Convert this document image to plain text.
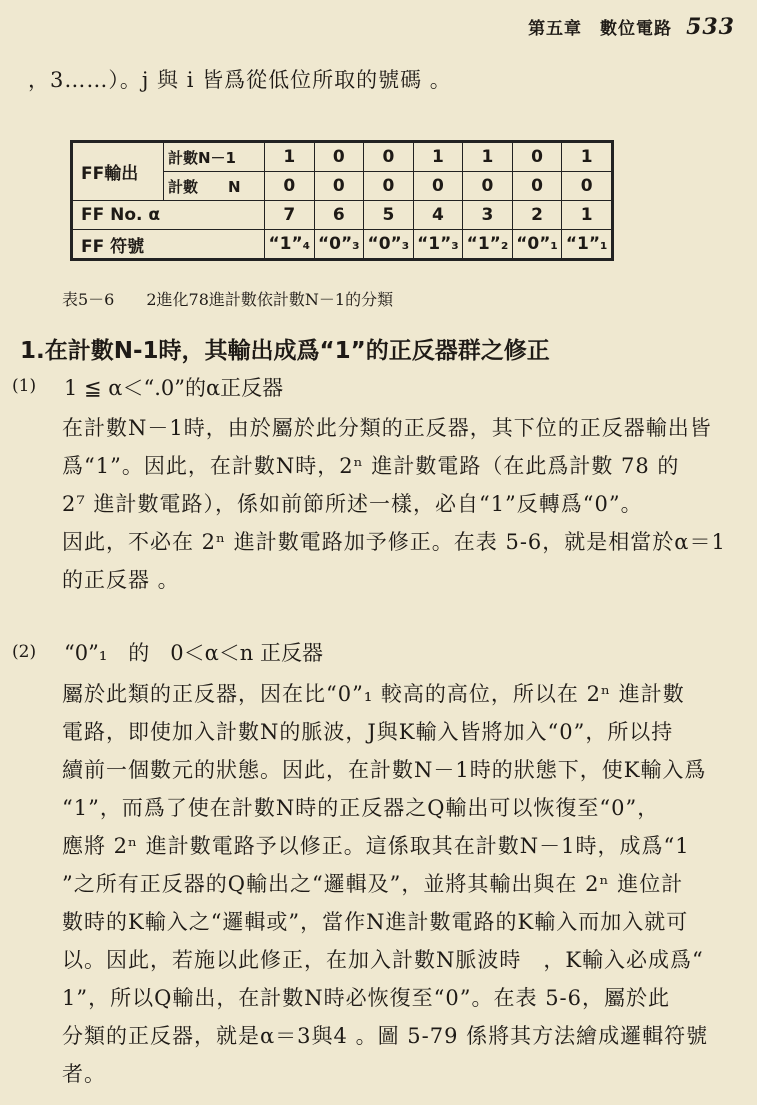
第五章　數位電路 533
，3……）。j 與 i 皆爲從低位所取的號碼 。
FF輸出	計數N－1	1	0	0	1	1	0	1
	計數　　N	0	0	0	0	0	0	0
FF No. α		7	6	5	4	3	2	1
FF 符號		“1”₄	“0”₃	“0”₃	“1”₃	“1”₂	“0”₁	“1”₁
表5－6　　2進化78進計數依計數N－1的分類
1.在計數N-1時，其輸出成爲“1”的正反器群之修正
(1) 1 ≦ α＜“.0”的α正反器
在計數N－1時，由於屬於此分類的正反器，其下位的正反器輸出皆
爲“1”。因此，在計數N時，2ⁿ 進計數電路（在此爲計數 78 的
2⁷ 進計數電路），係如前節所述一樣，必自“1”反轉爲“0”。
因此，不必在 2ⁿ 進計數電路加予修正。在表 5-6，就是相當於α＝1
的正反器 。
(2) “0”₁　的　0＜α＜n 正反器
屬於此類的正反器，因在比“0”₁ 較高的高位，所以在 2ⁿ 進計數
電路，即使加入計數N的脈波，J與K輸入皆將加入“0”，所以持
續前一個數元的狀態。因此，在計數N－1時的狀態下，使K輸入爲
“1”，而爲了使在計數N時的正反器之Q輸出可以恢復至“0”，
應將 2ⁿ 進計數電路予以修正。這係取其在計數N－1時，成爲“1
”之所有正反器的Q輸出之“邏輯及”，並將其輸出與在 2ⁿ 進位計
數時的K輸入之“邏輯或”，當作N進計數電路的K輸入而加入就可
以。因此，若施以此修正，在加入計數N脈波時　，K輸入必成爲“
1”，所以Q輸出，在計數N時必恢復至“0”。在表 5-6，屬於此
分類的正反器，就是α＝3與4 。圖 5-79 係將其方法繪成邏輯符號
者。
